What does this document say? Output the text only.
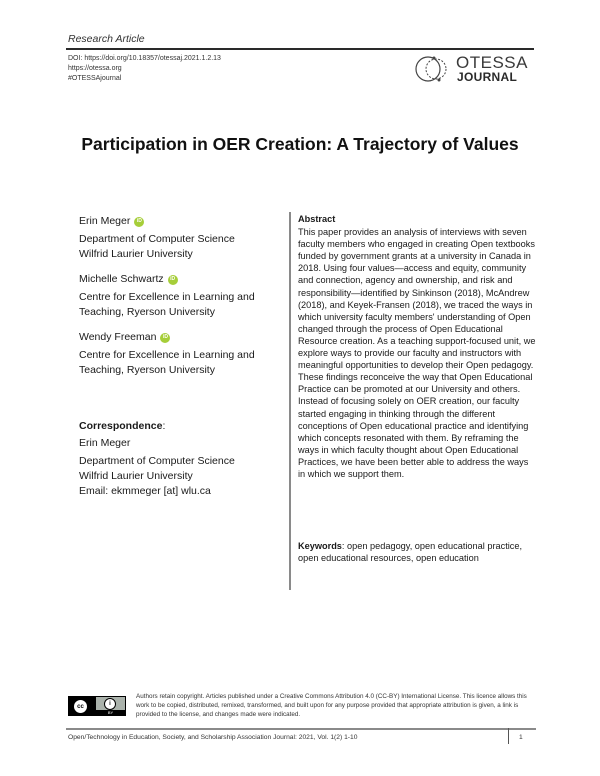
Research Article
DOI: https://doi.org/10.18357/otessaj.2021.1.2.13
https://otessa.org
#OTESSAjournal
OTESSA
JOURNAL
Participation in OER Creation: A Trajectory of Values
Erin Meger	iD
Department of Computer Science
Wilfrid Laurier University
Michelle Schwartz	iD
Centre for Excellence in Learning and
Teaching, Ryerson University
Wendy Freeman	iD
Centre for Excellence in Learning and
Teaching, Ryerson University
Correspondence:
Erin Meger
Department of Computer Science
Wilfrid Laurier University
Email: ekmmeger [at] wlu.ca
Abstract
This paper provides an analysis of interviews with seven faculty members who engaged in creating Open textbooks funded by government grants at a university in Canada in 2018. Using four values—access and equity, community and connection, agency and ownership, and risk and responsibility—identified by Sinkinson (2018), McAndrew (2018), and Keyek-Fransen (2018), we traced the ways in which university faculty members' understanding of Open changed through the process of Open Educational Resource creation. As a teaching support-focused unit, we explore ways to provide our faculty and instructors with meaningful opportunities to develop their Open pedagogy. These findings reconceive the way that Open Educational Practice can be promoted at our University and others. Instead of focusing solely on OER creation, our faculty started engaging in thinking through the different conceptions of Open educational practice and identifying which concepts resonated with them. By reframing the ways in which faculty thought about Open Educational Practices, we have been better able to address the ways in which we support them.
Keywords: open pedagogy, open educational practice, open educational resources, open education
cc	i
BY
Authors retain copyright. Articles published under a Creative Commons Attribution 4.0 (CC-BY) International License. This licence allows this work to be copied, distributed, remixed, transformed, and built upon for any purpose provided that appropriate attribution is given, a link is provided to the license, and changes made were indicated.
Open/Technology in Education, Society, and Scholarship Association Journal: 2021, Vol. 1(2) 1-10	1
